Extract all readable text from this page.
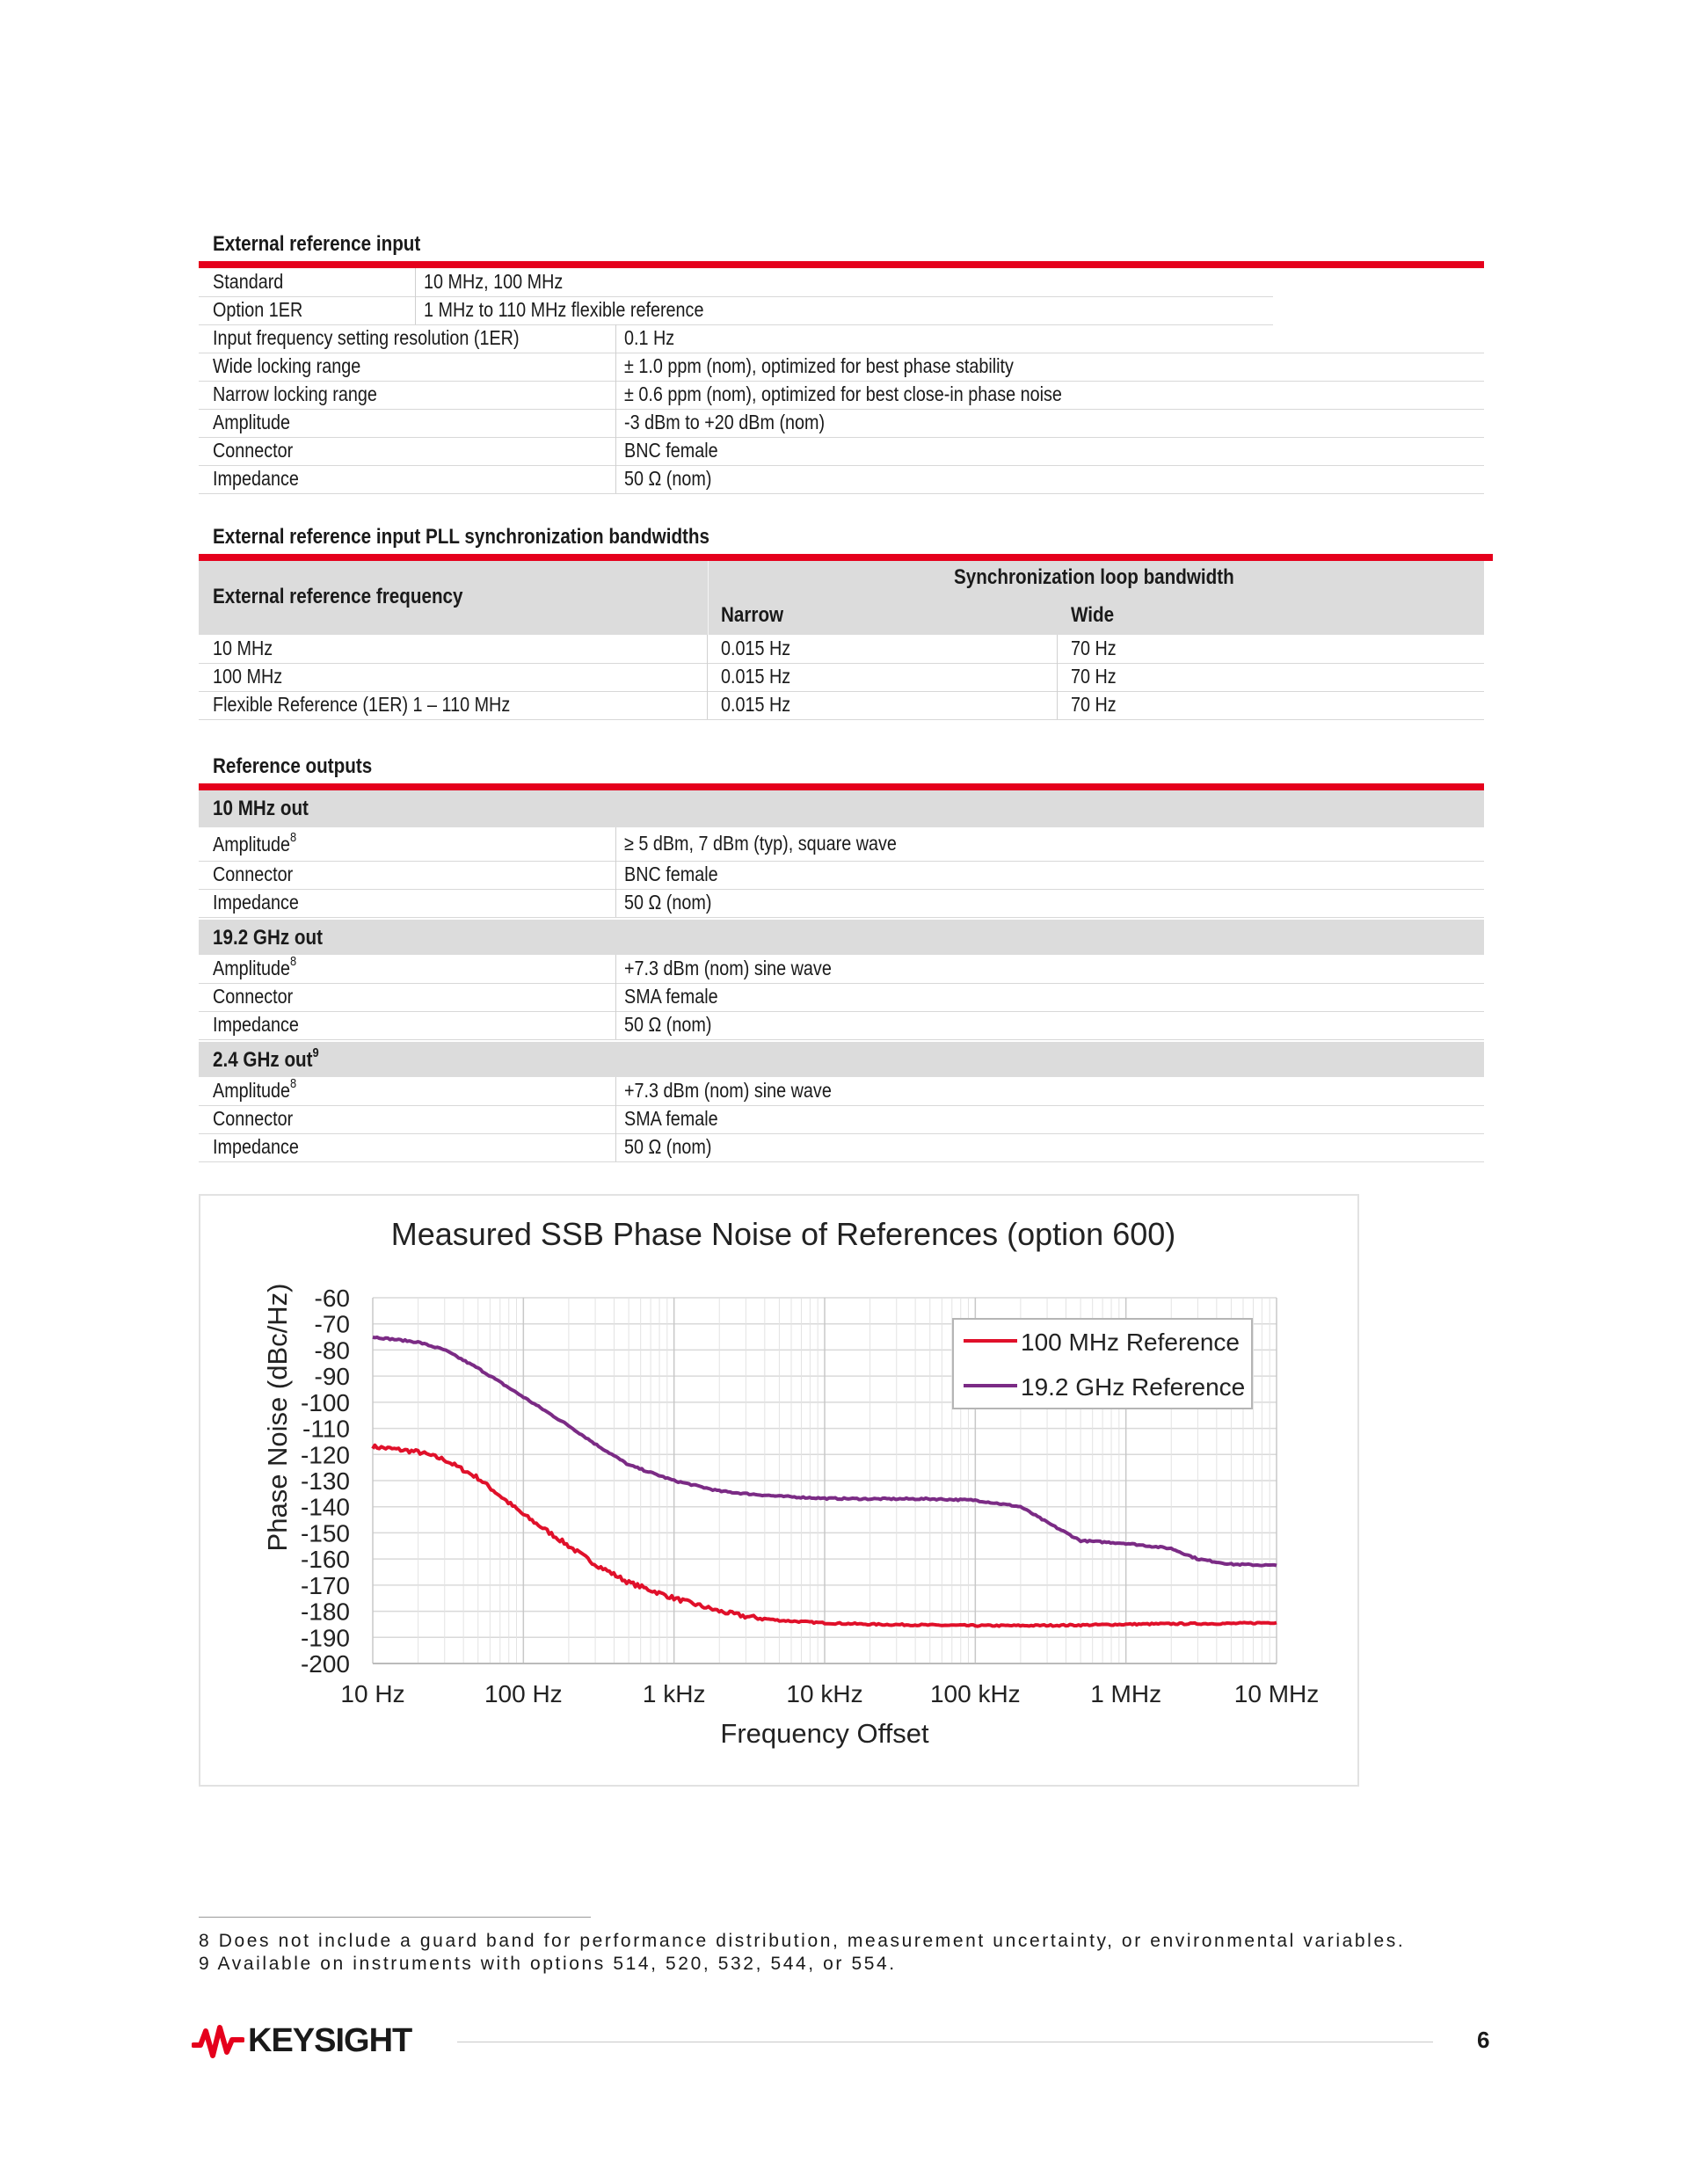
External reference input
Standard	10 MHz, 100 MHz
Option 1ER	1 MHz to 110 MHz flexible reference
Input frequency setting resolution (1ER)	0.1 Hz
Wide locking range	± 1.0 ppm (nom), optimized for best phase stability
Narrow locking range	± 0.6 ppm (nom), optimized for best close-in phase noise
Amplitude	-3 dBm to +20 dBm (nom)
Connector	BNC female
Impedance	50 Ω (nom)
External reference input PLL synchronization bandwidths
External reference frequency
Synchronization loop bandwidth
Narrow	Wide
10 MHz	0.015 Hz	70 Hz
100 MHz	0.015 Hz	70 Hz
Flexible Reference (1ER) 1 – 110 MHz	0.015 Hz	70 Hz
Reference outputs
10 MHz out
Amplitude$^8$	≥ 5 dBm, 7 dBm (typ), square wave
Connector	BNC female
Impedance	50 Ω (nom)
19.2 GHz out
Amplitude$^8$	+7.3 dBm (nom) sine wave
Connector	SMA female
Impedance	50 Ω (nom)
2.4 GHz out$^9$
Amplitude$^8$	+7.3 dBm (nom) sine wave
Connector	SMA female
Impedance	50 Ω (nom)
Measured SSB Phase Noise of References (option 600)
Frequency Offset
Phase Noise (dBc/Hz) -60
-70
-80
-90
-100
-110
-120
-130
-140
-150
-160
-170
-180
-190
-200
10 Hz	100 Hz	1 kHz	10 kHz	100 kHz	1 MHz	10 MHz
100 MHz Reference
19.2 GHz Reference
8 Does not include a guard band for performance distribution, measurement uncertainty, or environmental variables.
9 Available on instruments with options 514, 520, 532, 544, or 554.
KEYSIGHT	6
